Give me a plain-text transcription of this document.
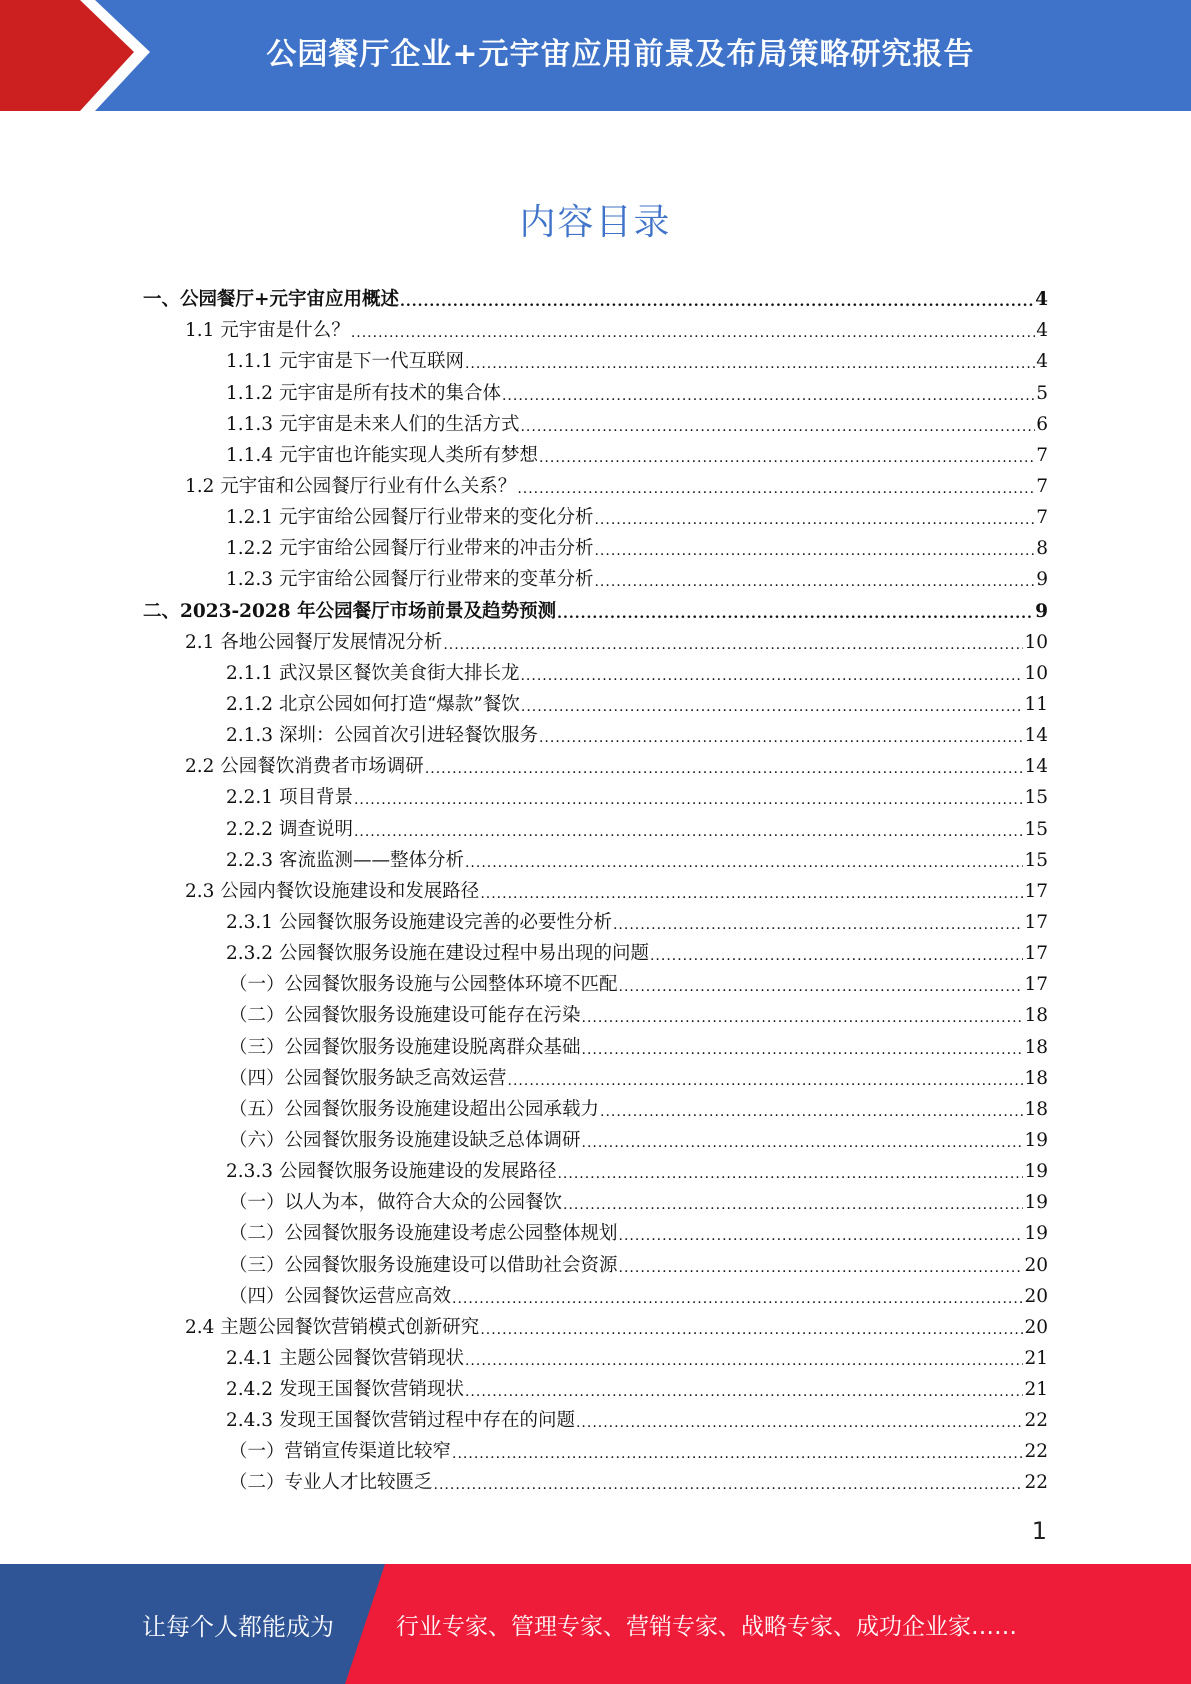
公园餐厅企业+元宇宙应用前景及布局策略研究报告
内容目录
一、公园餐厅+元宇宙应用概述 .....	4
1.1 元宇宙是什么？ .....	4
1.1.1 元宇宙是下一代互联网 .....	4
1.1.2 元宇宙是所有技术的集合体 .....	5
1.1.3 元宇宙是未来人们的生活方式 .....	6
1.1.4 元宇宙也许能实现人类所有梦想 .....	7
1.2 元宇宙和公园餐厅行业有什么关系？ .....	7
1.2.1 元宇宙给公园餐厅行业带来的变化分析 .....	7
1.2.2 元宇宙给公园餐厅行业带来的冲击分析 .....	8
1.2.3 元宇宙给公园餐厅行业带来的变革分析 .....	9
二、2023-2028 年公园餐厅市场前景及趋势预测 .....	9
2.1 各地公园餐厅发展情况分析 .....	10
2.1.1 武汉景区餐饮美食街大排长龙 .....	10
2.1.2 北京公园如何打造“爆款”餐饮 .....	11
2.1.3 深圳：公园首次引进轻餐饮服务 .....	14
2.2 公园餐饮消费者市场调研 .....	14
2.2.1 项目背景 .....	15
2.2.2 调查说明 .....	15
2.2.3 客流监测——整体分析 .....	15
2.3 公园内餐饮设施建设和发展路径 .....	17
2.3.1 公园餐饮服务设施建设完善的必要性分析 .....	17
2.3.2 公园餐饮服务设施在建设过程中易出现的问题 .....	17
（一）公园餐饮服务设施与公园整体环境不匹配 .....	17
（二）公园餐饮服务设施建设可能存在污染 .....	18
（三）公园餐饮服务设施建设脱离群众基础 .....	18
（四）公园餐饮服务缺乏高效运营 .....	18
（五）公园餐饮服务设施建设超出公园承载力 .....	18
（六）公园餐饮服务设施建设缺乏总体调研 .....	19
2.3.3 公园餐饮服务设施建设的发展路径 .....	19
（一）以人为本，做符合大众的公园餐饮 .....	19
（二）公园餐饮服务设施建设考虑公园整体规划 .....	19
（三）公园餐饮服务设施建设可以借助社会资源 .....	20
（四）公园餐饮运营应高效 .....	20
2.4 主题公园餐饮营销模式创新研究 .....	20
2.4.1 主题公园餐饮营销现状 .....	21
2.4.2 发现王国餐饮营销现状 .....	21
2.4.3 发现王国餐饮营销过程中存在的问题 .....	22
（一）营销宣传渠道比较窄 .....	22
（二）专业人才比较匮乏 .....	22
1
让每个人都能成为	行业专家、管理专家、营销专家、战略专家、成功企业家……
